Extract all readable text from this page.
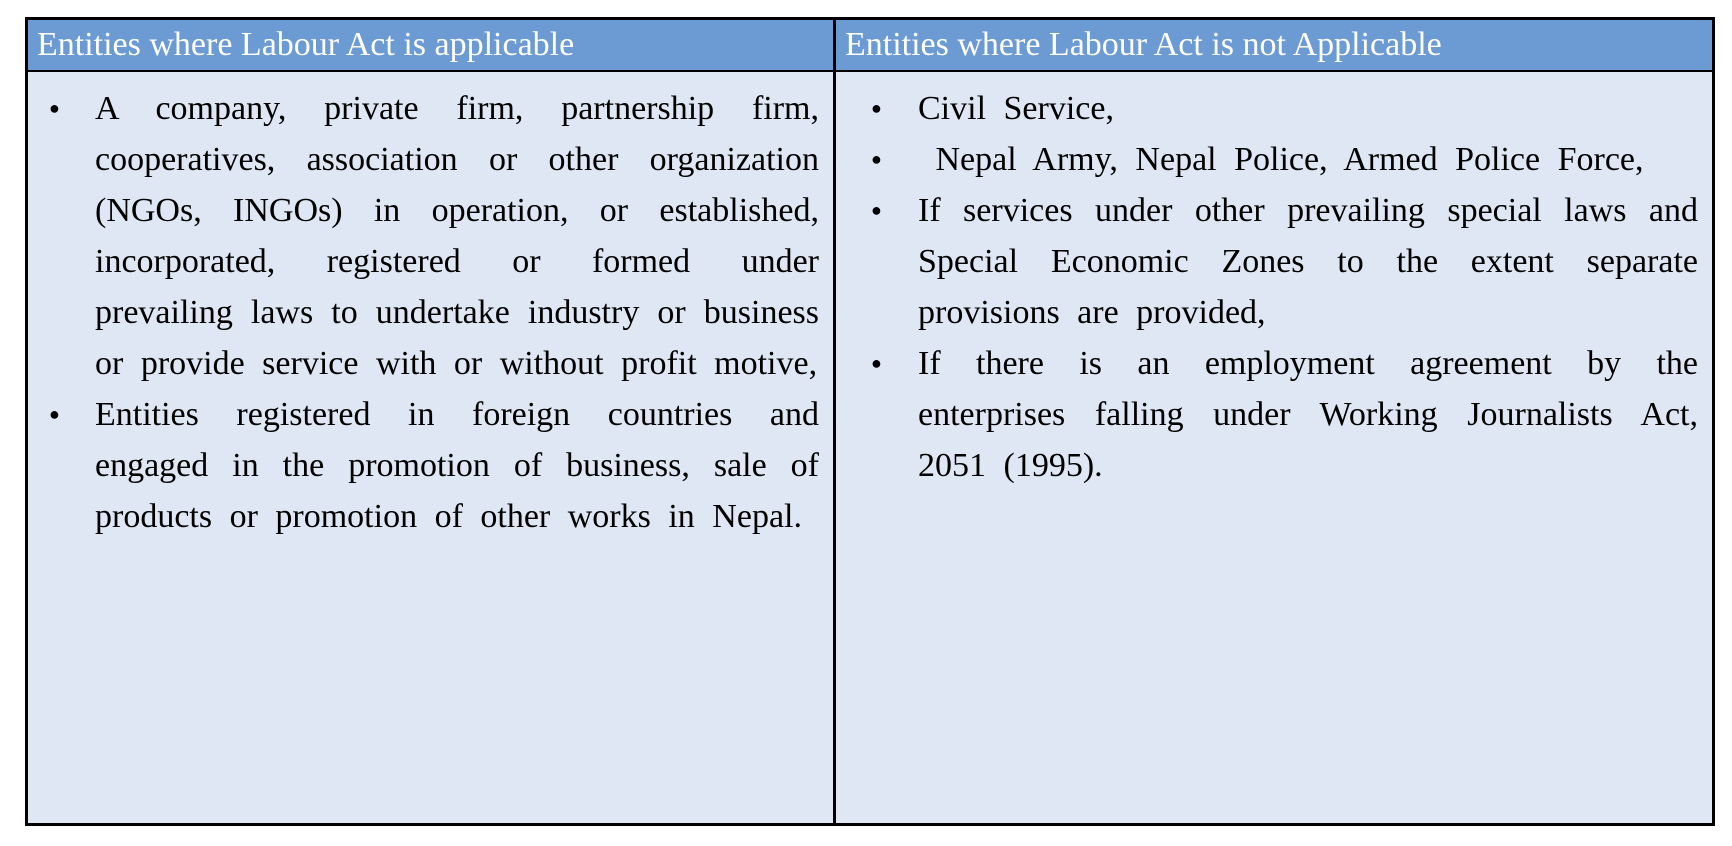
Entities where Labour Act is applicable
● A company, private firm, partnership firm, cooperatives, association or other organization (NGOs, INGOs) in operation, or established, incorporated, registered or formed under prevailing laws to undertake industry or business or provide service with or without profit motive,
● Entities registered in foreign countries and engaged in the promotion of business, sale of products or promotion of other works in Nepal.
Entities where Labour Act is not Applicable
● Civil Service,
● Nepal Army, Nepal Police, Armed Police Force,
● If services under other prevailing special laws and Special Economic Zones to the extent separate provisions are provided,
● If there is an employment agreement by the enterprises falling under Working Journalists Act, 2051 (1995).
